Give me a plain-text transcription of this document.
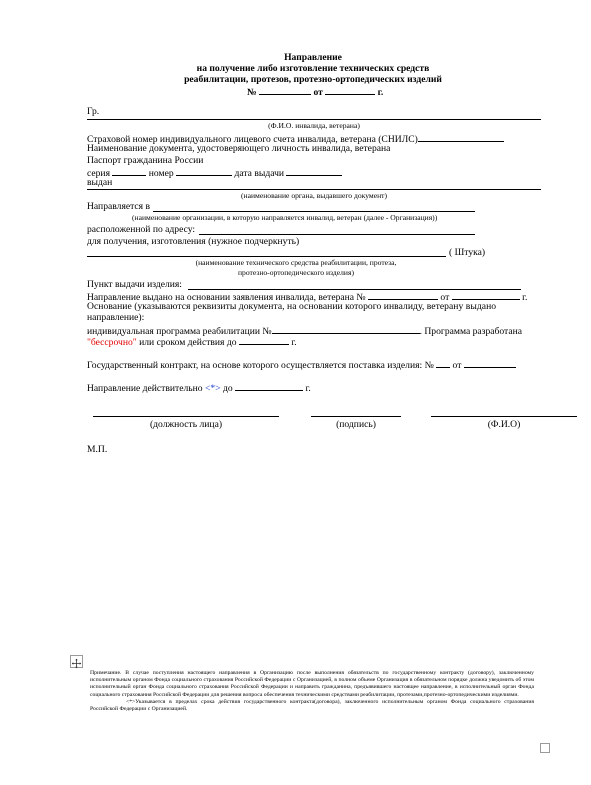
Направление
на получение либо изготовление технических средств
реабилитации, протезов, протезно-ортопедических изделий
№	от	г.
Гр.
(Ф.И.О. инвалида, ветерана)
Страховой номер индивидуального лицевого счета инвалида, ветерана (СНИЛС)
Наименование документа, удостоверяющего личность инвалида, ветерана
Паспорт гражданина России
серия	номер	дата выдачи
выдан
(наименование органа, выдавшего документ)
Направляется в
(наименование организации, в которую направляется инвалид, ветеран (далее - Организация))
расположенной по адресу:
для получения, изготовления (нужное подчеркнуть)
( Штука)
(наименование технического средства реабилитации, протеза,
протезно-ортопедического изделия)
Пункт выдачи изделия:
Направление выдано на основании заявления инвалида, ветерана №	от	г.
Основание (указываются реквизиты документа, на основании которого инвалиду, ветерану выдано
направление):
индивидуальная программа реабилитации №	. Программа разработана
"бессрочно" или сроком действия до	г.
Государственный контракт, на основе которого осуществляется поставка изделия: № от
Направление действительно <*> до	г.
(должность лица)	(подпись)	(Ф.И.О)
М.П.

Примечание. В случае поступления настоящего направления в Организацию после выполнения обязательств по государственному контракту (договору), заключенному исполнительным органом Фонда социального страхования Российской Федерации с Организацией, в полном объеме Организация в обязательном порядке должна уведомить об этом исполнительный орган Фонда социального страхования Российской Федерации и направить гражданина, предъявившего настоящее направление, в исполнительный орган Фонда социального страхования Российской Федерации для решения вопроса обеспечения техническими средствами реабилитации, протезами,протезно-ортопедическими изделиями.

<*>Указывается в пределах срока действия государственного контракта(договора), заключенного исполнительным органом Фонда социального страхования Российской Федерации с Организацией.
